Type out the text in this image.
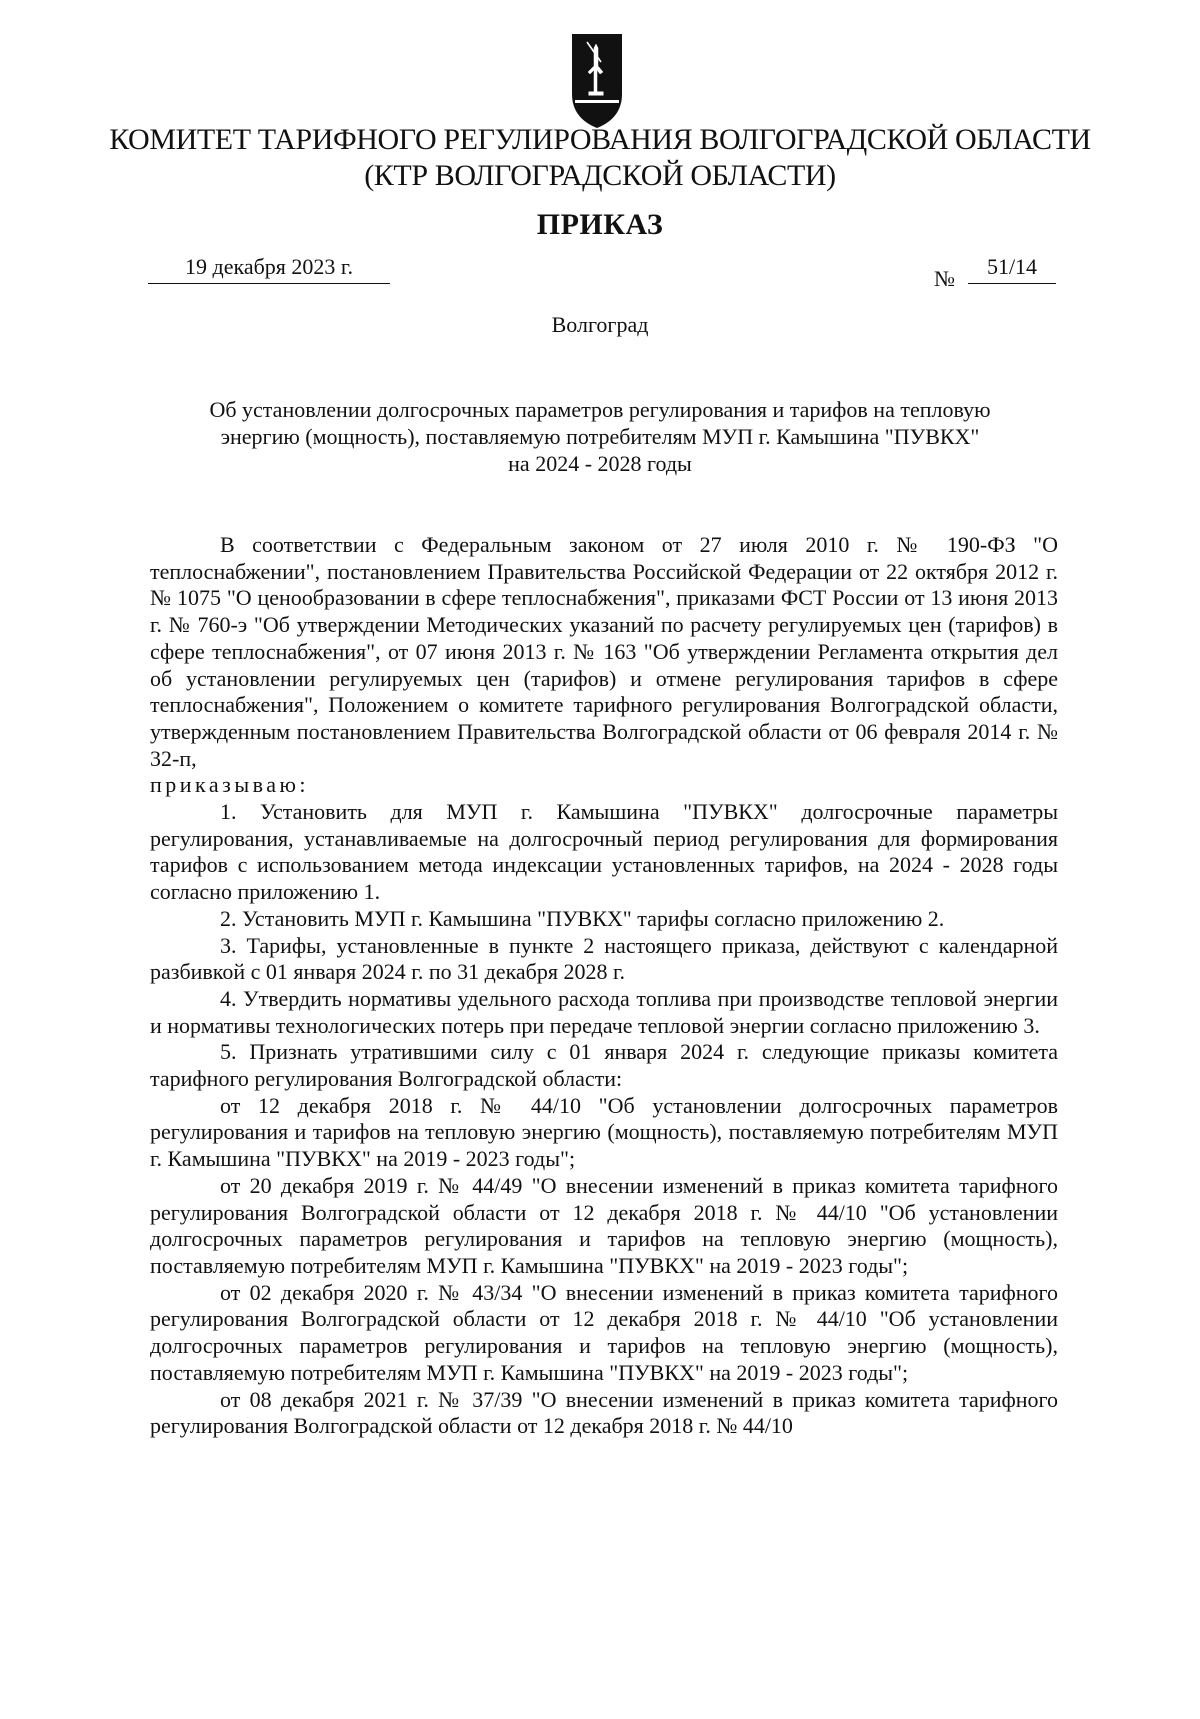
КОМИТЕТ ТАРИФНОГО РЕГУЛИРОВАНИЯ ВОЛГОГРАДСКОЙ ОБЛАСТИ
(КТР ВОЛГОГРАДСКОЙ ОБЛАСТИ)
ПРИКАЗ
19 декабря 2023 г.	№	51/14
Волгоград
Об установлении долгосрочных параметров регулирования и тарифов на тепловую
энергию (мощность), поставляемую потребителям МУП г. Камышина "ПУВКХ"
на 2024 - 2028 годы

В соответствии с Федеральным законом от 27 июля 2010 г. № 190-ФЗ "О теплоснабжении", постановлением Правительства Российской Федерации от 22 октября 2012 г. № 1075 "О ценообразовании в сфере теплоснабжения", приказами ФСТ России от 13 июня 2013 г. № 760-э "Об утверждении Методических указаний по расчету регулируемых цен (тарифов) в сфере теплоснабжения", от 07 июня 2013 г. № 163 "Об утверждении Регламента открытия дел об установлении регулируемых цен (тарифов) и отмене регулирования тарифов в сфере теплоснабжения", Положением о комитете тарифного регулирования Волгоградской области, утвержденным постановлением Правительства Волгоградской области от 06 февраля 2014 г. № 32-п,

приказываю:

1. Установить для МУП г. Камышина "ПУВКХ" долгосрочные параметры регулирования, устанавливаемые на долгосрочный период регулирования для формирования тарифов с использованием метода индексации установленных тарифов, на 2024 - 2028 годы согласно приложению 1.

2. Установить МУП г. Камышина "ПУВКХ" тарифы согласно приложению 2.

3. Тарифы, установленные в пункте 2 настоящего приказа, действуют с календарной разбивкой с 01 января 2024 г. по 31 декабря 2028 г.

4. Утвердить нормативы удельного расхода топлива при производстве тепловой энергии и нормативы технологических потерь при передаче тепловой энергии согласно приложению 3.

5. Признать утратившими силу с 01 января 2024 г. следующие приказы комитета тарифного регулирования Волгоградской области:

от 12 декабря 2018 г. № 44/10 "Об установлении долгосрочных параметров регулирования и тарифов на тепловую энергию (мощность), поставляемую потребителям МУП г. Камышина "ПУВКХ" на 2019 - 2023 годы";

от 20 декабря 2019 г. № 44/49 "О внесении изменений в приказ комитета тарифного регулирования Волгоградской области от 12 декабря 2018 г. № 44/10 "Об установлении долгосрочных параметров регулирования и тарифов на тепловую энергию (мощность), поставляемую потребителям МУП г. Камышина "ПУВКХ" на 2019 - 2023 годы";

от 02 декабря 2020 г. № 43/34 "О внесении изменений в приказ комитета тарифного регулирования Волгоградской области от 12 декабря 2018 г. № 44/10 "Об установлении долгосрочных параметров регулирования и тарифов на тепловую энергию (мощность), поставляемую потребителям МУП г. Камышина "ПУВКХ" на 2019 - 2023 годы";

от 08 декабря 2021 г. № 37/39 "О внесении изменений в приказ комитета тарифного регулирования Волгоградской области от 12 декабря 2018 г. № 44/10
